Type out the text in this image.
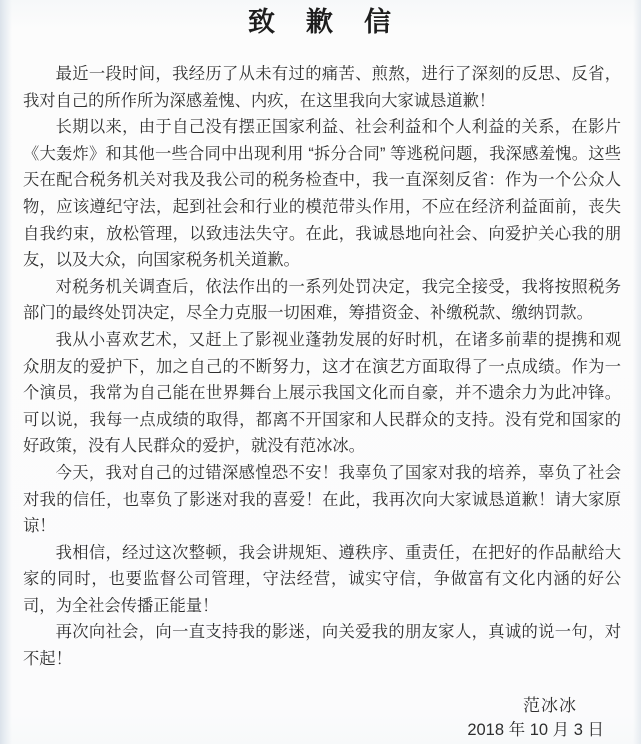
致　歉　信

最近一段时间，我经历了从未有过的痛苦、煎熬，进行了深刻的反思、反省，我对自己的所作所为深感羞愧、内疚，在这里我向大家诚恳道歉！

长期以来，由于自己没有摆正国家利益、社会利益和个人利益的关系，在影片《大轰炸》和其他一些合同中出现利用 “拆分合同” 等逃税问题，我深感羞愧。这些天在配合税务机关对我及我公司的税务检查中，我一直深刻反省：作为一个公众人物，应该遵纪守法，起到社会和行业的模范带头作用，不应在经济利益面前，丧失自我约束，放松管理，以致违法失守。在此，我诚恳地向社会、向爱护关心我的朋友，以及大众，向国家税务机关道歉。

对税务机关调查后，依法作出的一系列处罚决定，我完全接受，我将按照税务部门的最终处罚决定，尽全力克服一切困难，筹措资金、补缴税款、缴纳罚款。

我从小喜欢艺术，又赶上了影视业蓬勃发展的好时机，在诸多前辈的提携和观众朋友的爱护下，加之自己的不断努力，这才在演艺方面取得了一点成绩。作为一个演员，我常为自己能在世界舞台上展示我国文化而自豪，并不遗余力为此冲锋。可以说，我每一点成绩的取得，都离不开国家和人民群众的支持。没有党和国家的好政策，没有人民群众的爱护，就没有范冰冰。

今天，我对自己的过错深感惶恐不安！我辜负了国家对我的培养，辜负了社会对我的信任，也辜负了影迷对我的喜爱！在此，我再次向大家诚恳道歉！请大家原谅！

我相信，经过这次整顿，我会讲规矩、遵秩序、重责任，在把好的作品献给大家的同时，也要监督公司管理，守法经营，诚实守信，争做富有文化内涵的好公司，为全社会传播正能量！

再次向社会，向一直支持我的影迷，向关爱我的朋友家人，真诚的说一句，对不起！

范冰冰
2018 年 10 月 3 日
